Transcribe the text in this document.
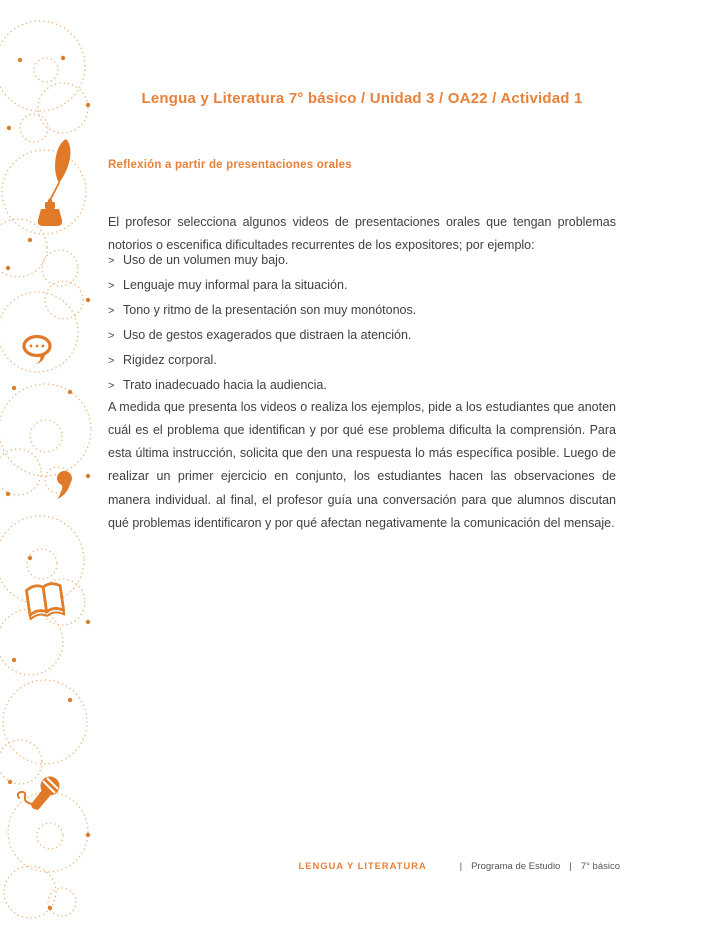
Lengua y Literatura 7° básico / Unidad 3 / OA22 / Actividad 1
Reflexión a partir de presentaciones orales

El profesor selecciona algunos videos de presentaciones orales que tengan problemas notorios o escenifica dificultades recurrentes de los expositores; por ejemplo:

> Uso de un volumen muy bajo.
> Lenguaje muy informal para la situación.
> Tono y ritmo de la presentación son muy monótonos.
> Uso de gestos exagerados que distraen la atención.
> Rigidez corporal.
> Trato inadecuado hacia la audiencia.

A medida que presenta los videos o realiza los ejemplos, pide a los estudiantes que anoten cuál es el problema que identifican y por qué ese problema dificulta la comprensión. Para esta última instrucción, solicita que den una respuesta lo más específica posible. Luego de realizar un primer ejercicio en conjunto, los estudiantes hacen las observaciones de manera individual. al final, el profesor guía una conversación para que alumnos discutan qué problemas identificaron y por qué afectan negativamente la comunicación del mensaje.

LENGUA Y LITERATURA	| Programa de Estudio | 7° básico
